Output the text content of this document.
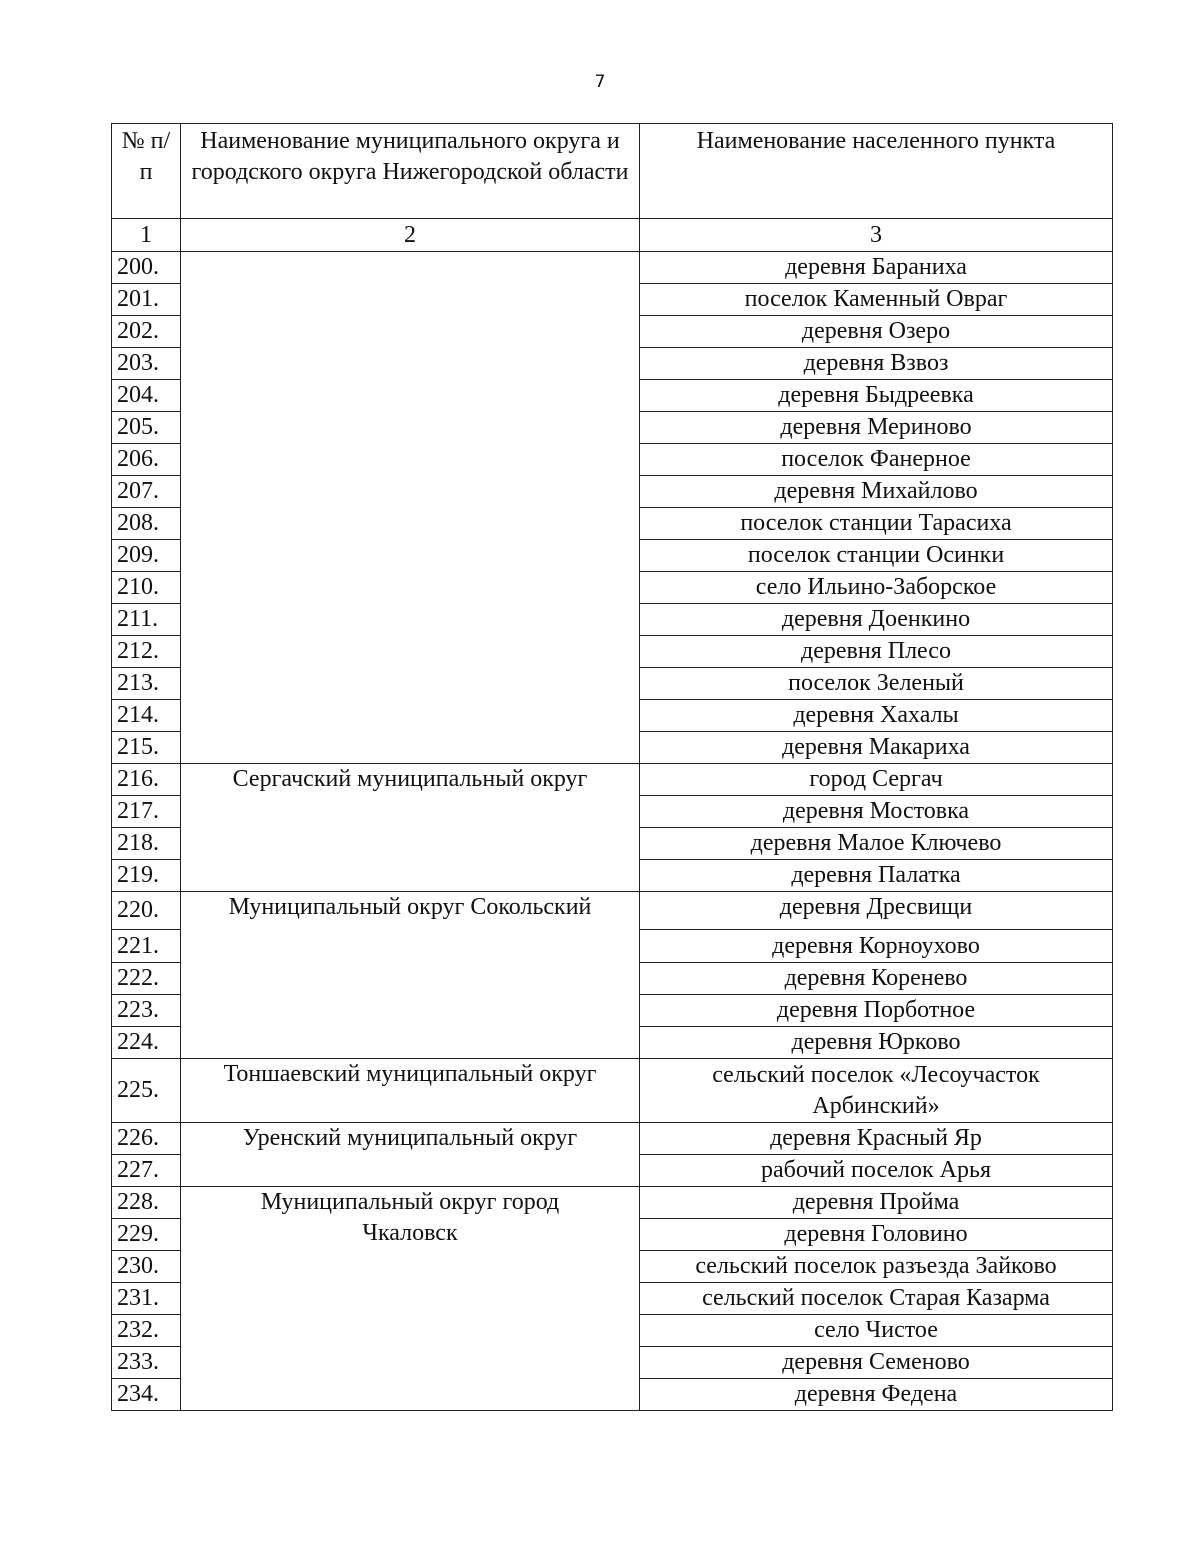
7
№ п/п	Наименование муниципального округа и городского округа Нижегородской области	Наименование населенного пункта
1	2	3
200.		деревня Бараниха
201.		поселок Каменный Овраг
202.		деревня Озеро
203.		деревня Взвоз
204.		деревня Быдреевка
205.		деревня Мериново
206.		поселок Фанерное
207.		деревня Михайлово
208.		поселок станции Тарасиха
209.		поселок станции Осинки
210.		село Ильино-Заборское
211.		деревня Доенкино
212.		деревня Плесо
213.		поселок Зеленый
214.		деревня Хахалы
215.		деревня Макариха
216.	Сергачский муниципальный округ	город Сергач
217.		деревня Мостовка
218.		деревня Малое Ключево
219.		деревня Палатка
220.	Муниципальный округ Сокольский	деревня Дресвищи
221.		деревня Корноухово
222.		деревня Коренево
223.		деревня Порботное
224.		деревня Юрково
225.	Тоншаевский муниципальный округ	сельский поселок «Лесоучасток Арбинский»
226.	Уренский муниципальный округ	деревня Красный Яр
227.		рабочий поселок Арья
228.	Муниципальный округ город Чкаловск	деревня Пройма
229.		деревня Головино
230.		сельский поселок разъезда Зайково
231.		сельский поселок Старая Казарма
232.		село Чистое
233.		деревня Семеново
234.		деревня Федена
